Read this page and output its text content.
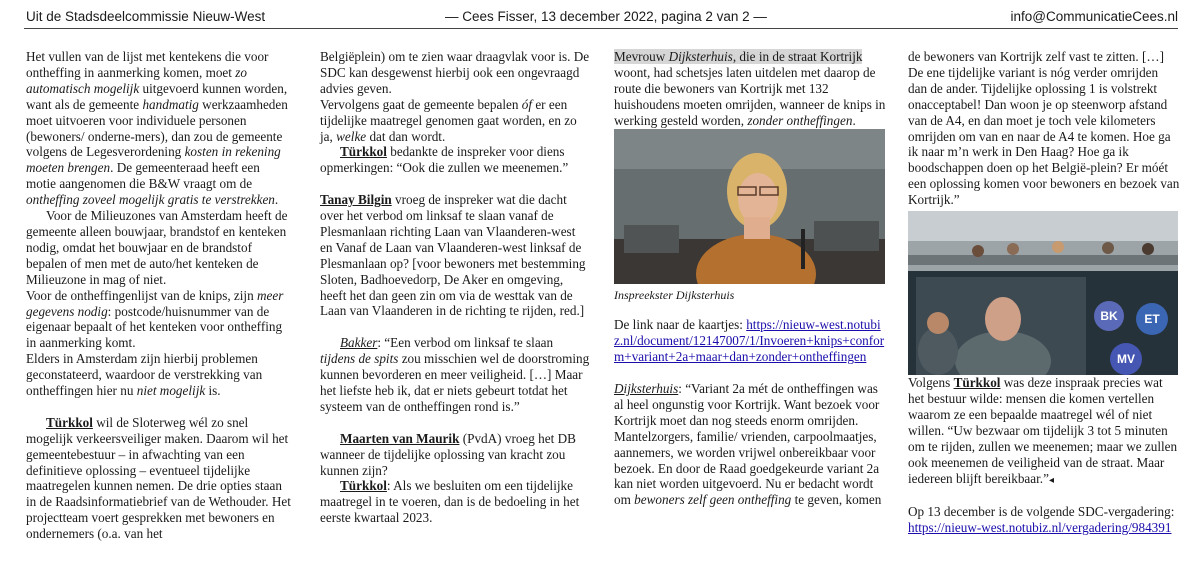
Uit de Stadsdeelcommissie Nieuw-West	— Cees Fisser, 13 december 2022, pagina 2 van 2 —	info@CommunicatieCees.nl

Het vullen van de lijst met kentekens die voor ontheffing in aanmerking komen, moet zo automatisch mogelijk uitgevoerd kunnen worden, want als de gemeente handmatig werkzaamheden moet uitvoeren voor individuele personen (bewoners/ onderne-mers), dan zou de gemeente volgens de Legesverordening kosten in rekening moeten brengen. De gemeenteraad heeft een motie aangenomen die B&W vraagt om de ontheffing zoveel mogelijk gratis te verstrekken.

Voor de Milieuzones van Amsterdam heeft de gemeente alleen bouwjaar, brandstof en kenteken nodig, omdat het bouwjaar en de brandstof bepalen of men met de auto/het kenteken de Milieuzone in mag of niet.

Voor de ontheffingenlijst van de knips, zijn meer gegevens nodig: postcode/huisnummer van de eigenaar bepaalt of het kenteken voor ontheffing in aanmerking komt.

Elders in Amsterdam zijn hierbij problemen geconstateerd, waardoor de verstrekking van ontheffingen hier nu niet mogelijk is.

Türkkol wil de Sloterweg wél zo snel mogelijk verkeersveiliger maken. Daarom wil het gemeentebestuur – in afwachting van een definitieve oplossing – eventueel tijdelijke maatregelen kunnen nemen. De drie opties staan in de Raadsinformatiebrief van de Wethouder. Het projectteam voert gesprekken met bewoners en ondernemers (o.a. van het

Belgiëplein) om te zien waar draagvlak voor is. De SDC kan desgewenst hierbij ook een ongevraagd advies geven.

Vervolgens gaat de gemeente bepalen óf er een tijdelijke maatregel genomen gaat worden, en zo ja, welke dat dan wordt.

Türkkol bedankte de inspreker voor diens opmerkingen: “Ook die zullen we meenemen.”

Tanay Bilgin vroeg de inspreker wat die dacht over het verbod om linksaf te slaan vanaf de Plesmanlaan richting Laan van Vlaanderen-west en Vanaf de Laan van Vlaanderen-west linksaf de Plesmanlaan op? [voor bewoners met bestemming Sloten, Badhoevedorp, De Aker en omgeving, heeft het dan geen zin om via de westtak van de Laan van Vlaanderen in de richting te rijden, red.]

Bakker: “Een verbod om linksaf te slaan tijdens de spits zou misschien wel de doorstroming kunnen bevorderen en meer veiligheid. […] Maar het liefste heb ik, dat er niets gebeurt totdat het systeem van de ontheffingen rond is.”

Maarten van Maurik (PvdA) vroeg het DB wanneer de tijdelijke oplossing van kracht zou kunnen zijn?

Türkkol: Als we besluiten om een tijdelijke maatregel in te voeren, dan is de bedoeling in het eerste kwartaal 2023.

Mevrouw Dijksterhuis, die in de straat Kortrijk woont, had schetsjes laten uitdelen met daarop de route die bewoners van Kortrijk met 132 huishoudens moeten omrijden, wanneer de knips in werking gesteld worden, zonder ontheffingen.

Inspreekster Dijksterhuis

De link naar de kaartjes: https://nieuw-west.notubiz.nl/document/12147007/1/Invoeren+knips+conform+variant+2a+maar+dan+zonder+ontheffingen

Dijksterhuis: “Variant 2a mét de ontheffingen was al heel ongunstig voor Kortrijk. Want bezoek voor Kortrijk moet dan nog steeds enorm omrijden. Mantelzorgers, familie/ vrienden, carpoolmaatjes, aannemers, we worden vrijwel onbereikbaar voor bezoek. En door de Raad goedgekeurde variant 2a kan niet worden uitgevoerd. Nu er bedacht wordt om bewoners zelf geen ontheffing te geven, komen

de bewoners van Kortrijk zelf vast te zitten. […] De ene tijdelijke variant is nóg verder omrijden dan de ander. Tijdelijke oplossing 1 is volstrekt onacceptabel! Dan woon je op steenworp afstand van de A4, en dan moet je toch vele kilometers omrijden om van en naar de A4 te komen. Hoe ga ik naar m’n werk in Den Haag? Hoe ga ik boodschappen doen op het België-plein? Er móét een oplossing komen voor bewoners en bezoek van Kortrijk.”

BK	ET
MV

Volgens Türkkol was deze inspraak precies wat het bestuur wilde: mensen die komen vertellen waarom ze een bepaalde maatregel wél of niet willen. “Uw bezwaar om tijdelijk 3 tot 5 minuten om te rijden, zullen we meenemen; maar we zullen ook meenemen de veiligheid van de straat. Maar iedereen blijft bereikbaar.”◂

Op 13 december is de volgende SDC-vergadering: https://nieuw-west.notubiz.nl/vergadering/984391
